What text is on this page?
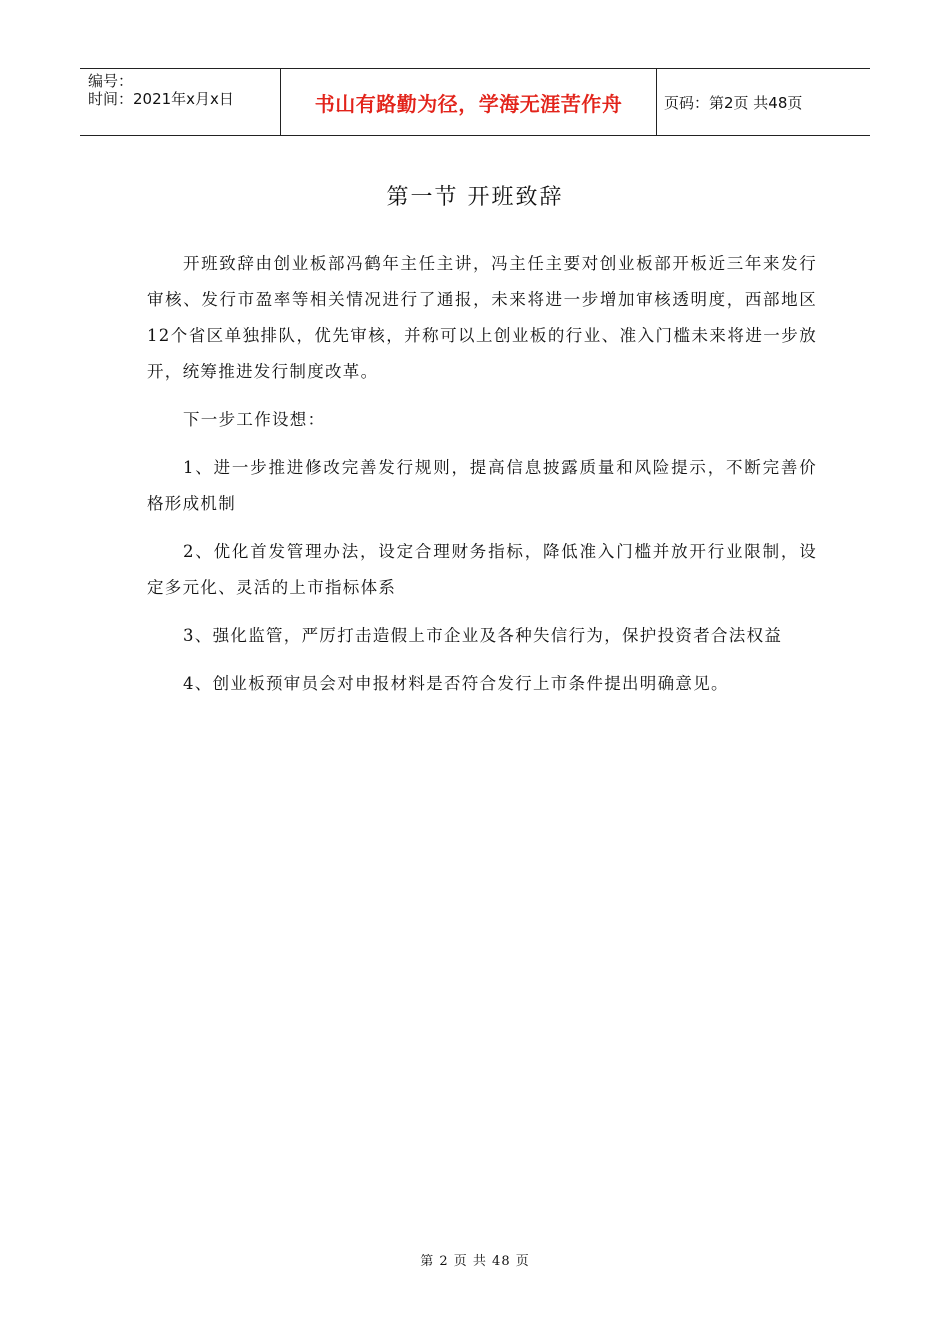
编号：
时间：2021年x月x日	书山有路勤为径，学海无涯苦作舟	页码：第2页 共48页
第一节 开班致辞

开班致辞由创业板部冯鹤年主任主讲，冯主任主要对创业板部开板近三年来发行审核、发行市盈率等相关情况进行了通报，未来将进一步增加审核透明度，西部地区12个省区单独排队，优先审核，并称可以上创业板的行业、准入门槛未来将进一步放开，统筹推进发行制度改革。

下一步工作设想：

1、进一步推进修改完善发行规则，提高信息披露质量和风险提示，不断完善价格形成机制

2、优化首发管理办法，设定合理财务指标，降低准入门槛并放开行业限制，设定多元化、灵活的上市指标体系

3、强化监管，严厉打击造假上市企业及各种失信行为，保护投资者合法权益

4、创业板预审员会对申报材料是否符合发行上市条件提出明确意见。

第 2 页 共 48 页
